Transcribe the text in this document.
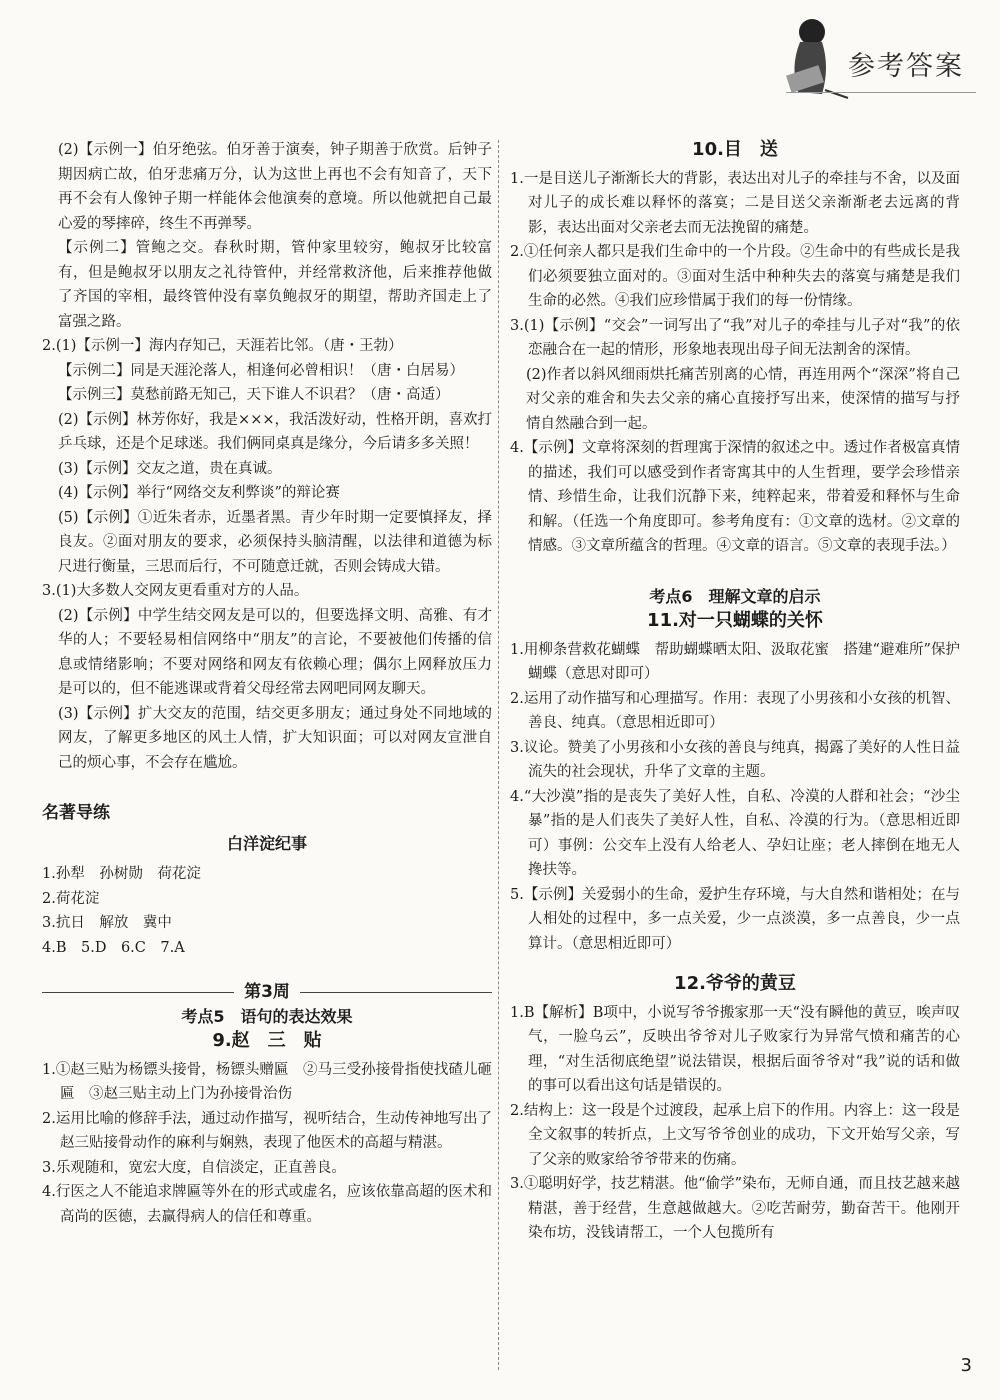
参考答案

(2)【示例一】伯牙绝弦。伯牙善于演奏，钟子期善于欣赏。后钟子期因病亡故，伯牙悲痛万分，认为这世上再也不会有知音了，天下再不会有人像钟子期一样能体会他演奏的意境。所以他就把自己最心爱的琴摔碎，终生不再弹琴。

【示例二】管鲍之交。春秋时期，管仲家里较穷，鲍叔牙比较富有，但是鲍叔牙以朋友之礼待管仲，并经常救济他，后来推荐他做了齐国的宰相，最终管仲没有辜负鲍叔牙的期望，帮助齐国走上了富强之路。

2.(1)【示例一】海内存知己，天涯若比邻。（唐・王勃）

【示例二】同是天涯沦落人，相逢何必曾相识！（唐・白居易）

【示例三】莫愁前路无知己，天下谁人不识君？（唐・高适）

(2)【示例】林芳你好，我是×××，我活泼好动，性格开朗，喜欢打乒乓球，还是个足球迷。我们俩同桌真是缘分，今后请多多关照！

(3)【示例】交友之道，贵在真诚。

(4)【示例】举行“网络交友利弊谈”的辩论赛

(5)【示例】①近朱者赤，近墨者黑。青少年时期一定要慎择友，择良友。②面对朋友的要求，必须保持头脑清醒，以法律和道德为标尺进行衡量，三思而后行，不可随意迁就，否则会铸成大错。

3.(1)大多数人交网友更看重对方的人品。

(2)【示例】中学生结交网友是可以的，但要选择文明、高雅、有才华的人；不要轻易相信网络中“朋友”的言论，不要被他们传播的信息或情绪影响；不要对网络和网友有依赖心理；偶尔上网释放压力是可以的，但不能逃课或背着父母经常去网吧同网友聊天。

(3)【示例】扩大交友的范围，结交更多朋友；通过身处不同地域的网友，了解更多地区的风土人情，扩大知识面；可以对网友宣泄自己的烦心事，不会存在尴尬。

名著导练
白洋淀纪事

1.孙犁　孙树勋　荷花淀

2.荷花淀

3.抗日　解放　冀中

4.B　5.D　6.C　7.A

第3周
考点5　语句的表达效果
9.赵　三　贴

1.①赵三贴为杨镖头接骨，杨镖头赠匾　②马三受孙接骨指使找碴儿砸匾　③赵三贴主动上门为孙接骨治伤

2.运用比喻的修辞手法，通过动作描写，视听结合，生动传神地写出了赵三贴接骨动作的麻利与娴熟，表现了他医术的高超与精湛。

3.乐观随和，宽宏大度，自信淡定，正直善良。

4.行医之人不能追求牌匾等外在的形式或虚名，应该依靠高超的医术和高尚的医德，去赢得病人的信任和尊重。

10.目　送

1.一是目送儿子渐渐长大的背影，表达出对儿子的牵挂与不舍，以及面对儿子的成长难以释怀的落寞；二是目送父亲渐渐老去远离的背影，表达出面对父亲老去而无法挽留的痛楚。

2.①任何亲人都只是我们生命中的一个片段。②生命中的有些成长是我们必须要独立面对的。③面对生活中种种失去的落寞与痛楚是我们生命的必然。④我们应珍惜属于我们的每一份情缘。

3.(1)【示例】“交会”一词写出了“我”对儿子的牵挂与儿子对“我”的依恋融合在一起的情形，形象地表现出母子间无法割舍的深情。

(2)作者以斜风细雨烘托痛苦别离的心情，再连用两个“深深”将自己对父亲的难舍和失去父亲的痛心直接抒写出来，使深情的描写与抒情自然融合到一起。

4.【示例】文章将深刻的哲理寓于深情的叙述之中。透过作者极富真情的描述，我们可以感受到作者寄寓其中的人生哲理，要学会珍惜亲情、珍惜生命，让我们沉静下来，纯粹起来，带着爱和释怀与生命和解。（任选一个角度即可。参考角度有：①文章的选材。②文章的情感。③文章所蕴含的哲理。④文章的语言。⑤文章的表现手法。）

考点6　理解文章的启示
11.对一只蝴蝶的关怀

1.用柳条营救花蝴蝶　帮助蝴蝶晒太阳、汲取花蜜　搭建“避难所”保护蝴蝶（意思对即可）

2.运用了动作描写和心理描写。作用：表现了小男孩和小女孩的机智、善良、纯真。（意思相近即可）

3.议论。赞美了小男孩和小女孩的善良与纯真，揭露了美好的人性日益流失的社会现状，升华了文章的主题。

4.“大沙漠”指的是丧失了美好人性，自私、冷漠的人群和社会；“沙尘暴”指的是人们丧失了美好人性，自私、冷漠的行为。（意思相近即可）事例：公交车上没有人给老人、孕妇让座；老人摔倒在地无人搀扶等。

5.【示例】关爱弱小的生命，爱护生存环境，与大自然和谐相处；在与人相处的过程中，多一点关爱，少一点淡漠，多一点善良，少一点算计。（意思相近即可）

12.爷爷的黄豆

1.B【解析】B项中，小说写爷爷搬家那一天“没有瞬他的黄豆，唉声叹气，一脸乌云”，反映出爷爷对儿子败家行为异常气愤和痛苦的心理，“对生活彻底绝望”说法错误，根据后面爷爷对“我”说的话和做的事可以看出这句话是错误的。

2.结构上：这一段是个过渡段，起承上启下的作用。内容上：这一段是全文叙事的转折点，上文写爷爷创业的成功，下文开始写父亲，写了父亲的败家给爷爷带来的伤痛。

3.①聪明好学，技艺精湛。他“偷学”染布，无师自通，而且技艺越来越精湛，善于经营，生意越做越大。②吃苦耐劳，勤奋苦干。他刚开染布坊，没钱请帮工，一个人包揽所有

3
